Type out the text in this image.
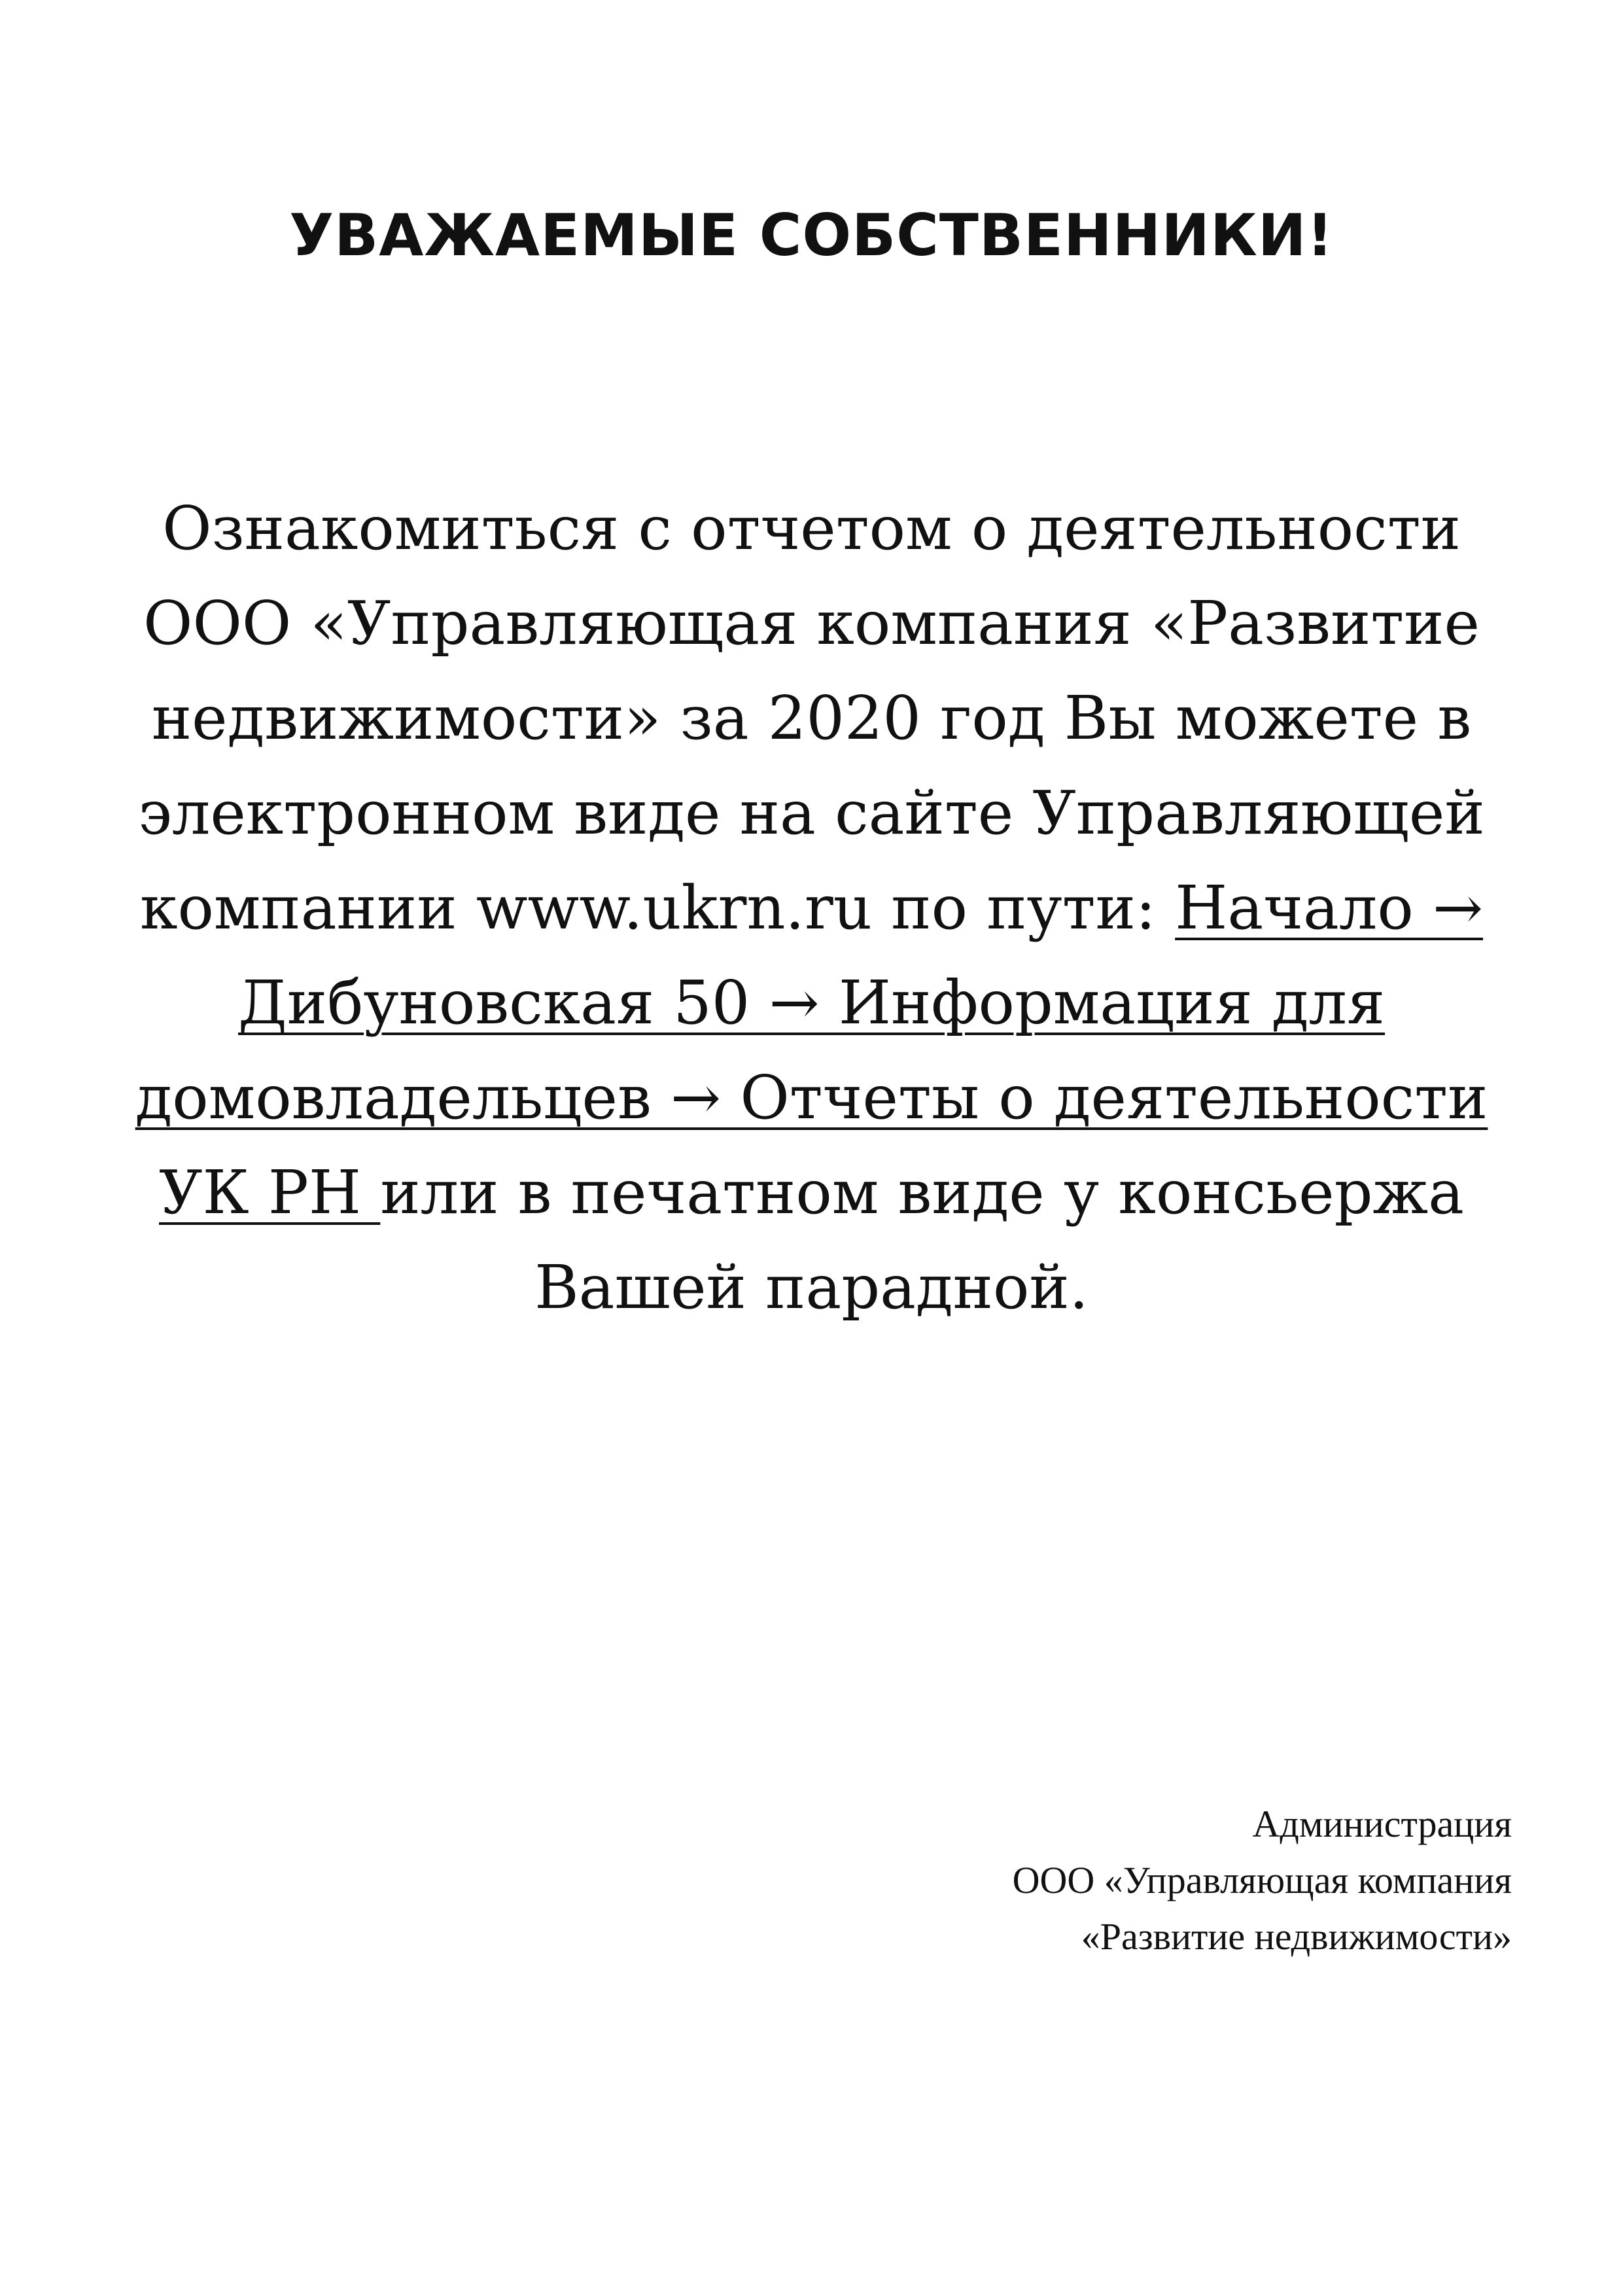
УВАЖАЕМЫЕ СОБСТВЕННИКИ!

Ознакомиться с отчетом о деятельности ООО «Управляющая компания «Развитие недвижимости» за 2020 год Вы можете в электронном виде на сайте Управляющей компании www.ukrn.ru по пути: Начало → Дибуновская 50 → Информация для домовладельцев → Отчеты о деятельности УК РН или в печатном виде у консьержа Вашей парадной.

Администрация
ООО «Управляющая компания
«Развитие недвижимости»
